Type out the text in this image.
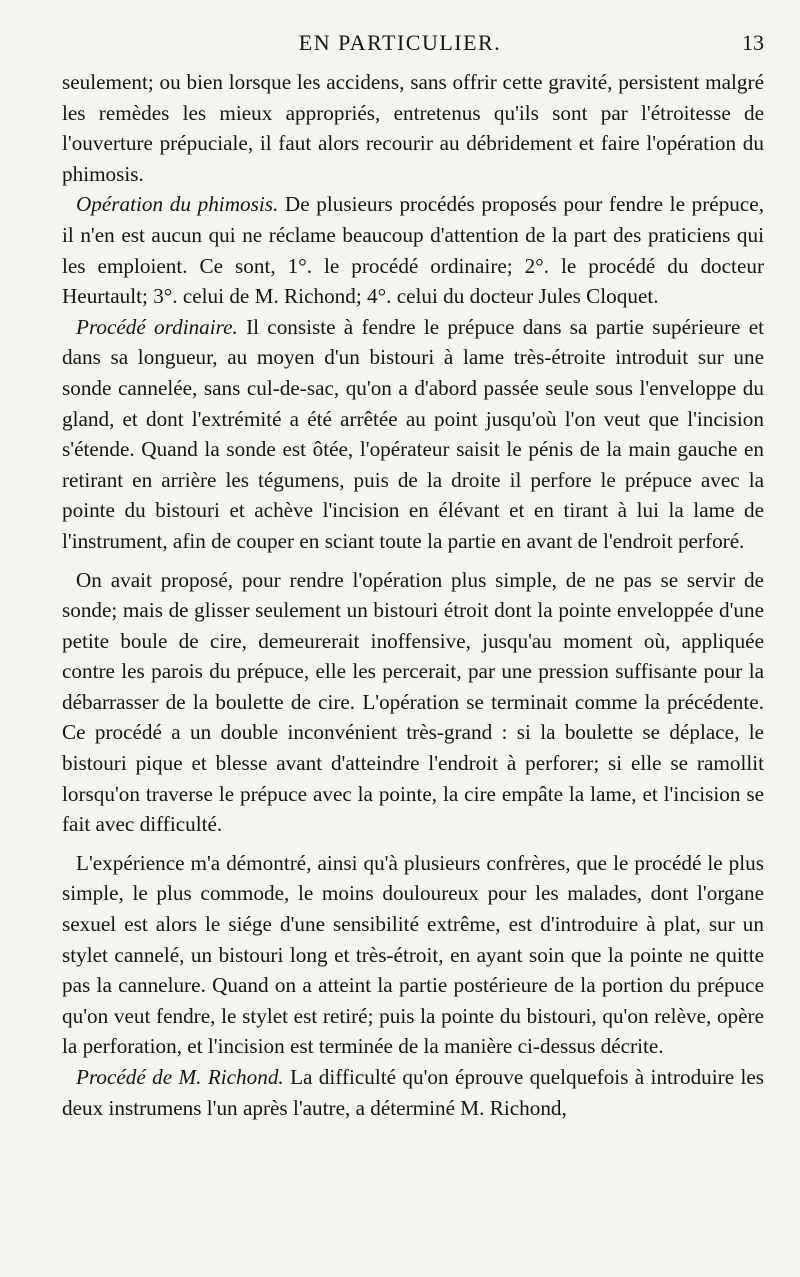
EN PARTICULIER.	13

seulement; ou bien lorsque les accidens, sans offrir cette gravité, persistent malgré les remèdes les mieux appropriés, entretenus qu'ils sont par l'étroitesse de l'ouverture prépuciale, il faut alors recourir au débridement et faire l'opération du phimosis.

Opération du phimosis. De plusieurs procédés proposés pour fendre le prépuce, il n'en est aucun qui ne réclame beaucoup d'attention de la part des praticiens qui les emploient. Ce sont, 1°. le procédé ordinaire; 2°. le procédé du docteur Heurtault; 3°. celui de M. Richond; 4°. celui du docteur Jules Cloquet.

Procédé ordinaire. Il consiste à fendre le prépuce dans sa partie supérieure et dans sa longueur, au moyen d'un bistouri à lame très-étroite introduit sur une sonde cannelée, sans cul-de-sac, qu'on a d'abord passée seule sous l'enveloppe du gland, et dont l'extrémité a été arrêtée au point jusqu'où l'on veut que l'incision s'étende. Quand la sonde est ôtée, l'opérateur saisit le pénis de la main gauche en retirant en arrière les tégumens, puis de la droite il perfore le prépuce avec la pointe du bistouri et achève l'incision en élévant et en tirant à lui la lame de l'instrument, afin de couper en sciant toute la partie en avant de l'endroit perforé.

On avait proposé, pour rendre l'opération plus simple, de ne pas se servir de sonde; mais de glisser seulement un bistouri étroit dont la pointe enveloppée d'une petite boule de cire, demeurerait inoffensive, jusqu'au moment où, appliquée contre les parois du prépuce, elle les percerait, par une pression suffisante pour la débarrasser de la boulette de cire. L'opération se terminait comme la précédente. Ce procédé a un double inconvénient très-grand : si la boulette se déplace, le bistouri pique et blesse avant d'atteindre l'endroit à perforer; si elle se ramollit lorsqu'on traverse le prépuce avec la pointe, la cire empâte la lame, et l'incision se fait avec difficulté.

L'expérience m'a démontré, ainsi qu'à plusieurs confrères, que le procédé le plus simple, le plus commode, le moins douloureux pour les malades, dont l'organe sexuel est alors le siége d'une sensibilité extrême, est d'introduire à plat, sur un stylet cannelé, un bistouri long et très-étroit, en ayant soin que la pointe ne quitte pas la cannelure. Quand on a atteint la partie postérieure de la portion du prépuce qu'on veut fendre, le stylet est retiré; puis la pointe du bistouri, qu'on relève, opère la perforation, et l'incision est terminée de la manière ci-dessus décrite.

Procédé de M. Richond. La difficulté qu'on éprouve quelquefois à introduire les deux instrumens l'un après l'autre, a déterminé M. Richond,
